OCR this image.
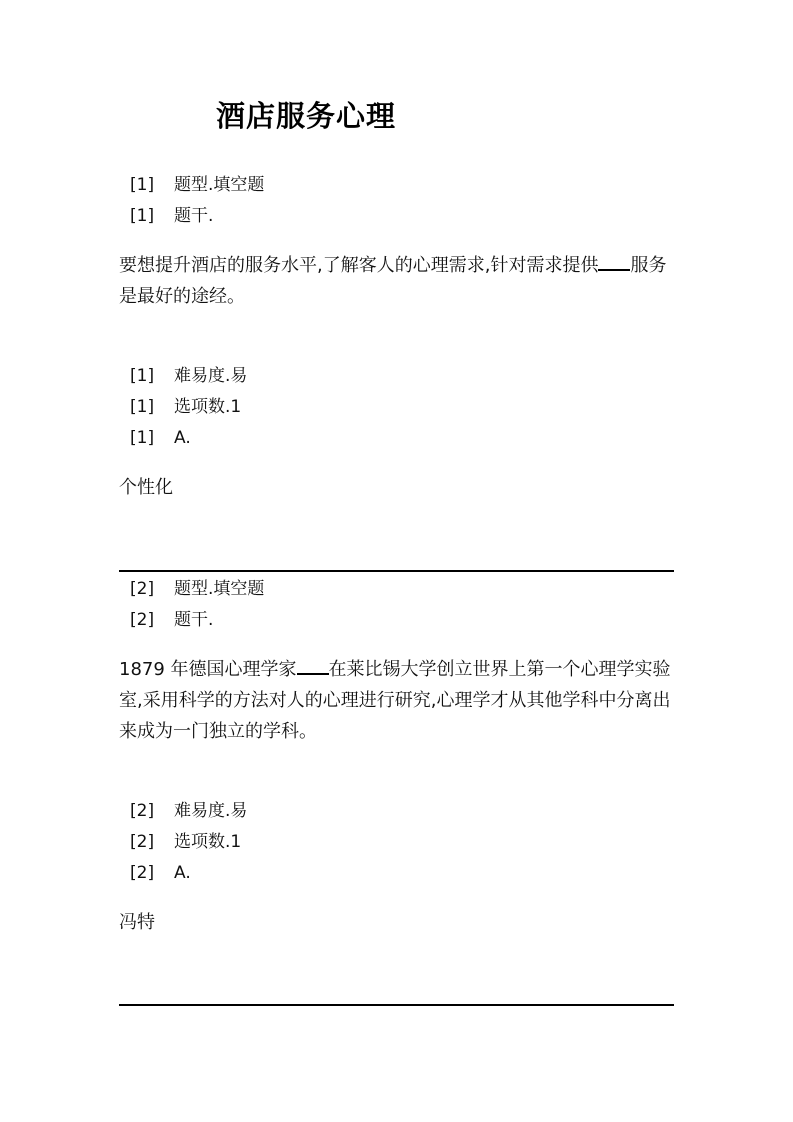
酒店服务心理
[1] 题型.填空题
[1] 题干.
要想提升酒店的服务水平,了解客人的心理需求,针对需求提供 服务是最好的途经。
[1] 难易度.易
[1] 选项数.1
[1] A.
个性化
[2] 题型.填空题
[2] 题干.
1879 年德国心理学家 在莱比锡大学创立世界上第一个心理学实验室,采用科学的方法对人的心理进行研究,心理学才从其他学科中分离出来成为一门独立的学科。
[2] 难易度.易
[2] 选项数.1
[2] A.
冯特
